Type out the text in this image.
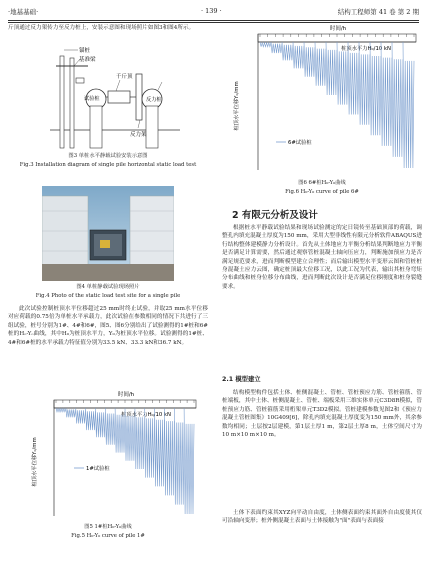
·地基基础·	· 139 ·	结构工程师第 41 卷 第 2 期
斤顶通过反力架传力至反力桩上，安装示意图和现场照片如图3和图4所示。
锚桩
基准梁
试验桩
千斤顶
反力桩
反力架
图3 单桩水平静载试验安装示意图
Fig.3 Installation diagram of single pile horizontal static load test
图4 单桩静载试验现场照片
Fig.4 Photo of the static load test site for a single pile
此次试验控制桩顶水平位移超过25 mm时终止试验，并取25 mm水平位移对应荷载的0.75倍为单桩水平承载力，此次试验在参数相同的情况下共进行了三组试验，桩号分别为1#、4#和6#，图5、图6分别给出了试验测得的1#桩和6#桩的Hₒ-Yₒ曲线，其中H₀为桩顶水平力，Y₀为桩顶水平位移。试验测得的1#桩、4#和6#桩的水平承载力特征值分别为33.5 kN、33.3 kN和36.7 kN。
时间/h
桩顶水平力H₀/10 kN
桩顶水平位移Y₀/mm	1#试验桩
图5 1#桩H₀-Y₀曲线
Fig.5 H₀-Y₀ curve of pile 1#
时间/h
桩顶水平力H₀/10 kN
桩顶水平位移Y₀/mm
6#试验桩
图6 6#桩H₀-Y₀曲线
Fig.6 H₀-Y₀ curve of pile 6#
2 有限元分析及设计
根据桩水平静载试验结果和现场试验测定的定日镜传至基础顶部的荷载，调整孔内填充混凝土厚度为150 mm，采用大型非线性有限元分析软件ABAQUS进行结构整体建模静力分析设计。首先从土体地应力平衡分析结果判断地应力平衡是否满足计算需要，然后通过观察管桩混凝土轴向压应力，判断施加预应力是否满足规范要求，进而判断模型建立合理性；而后输出模型水平变形云图和管桩桩身混凝土应力云图，确定桩顶最大位移工况，以此工况为代表，输出其桩身弯矩分布曲线和桩身位移分布曲线，进而判断此次设计是否满足位移刚度和桩身裂缝要求。
2.1 模型建立
结构模型构件包括土体、桩侧混凝土、管桩、管桩预应力筋、管桩箍筋、管桩端板，其中土体、桩侧混凝土、管桩、端板采用三维实体单元C3D8R模拟，管桩预应力筋、管桩箍筋采用桁架单元T3D2模拟。管桩建模参数见图2和《预应力混凝土管桩图集》10G409[6]，除孔内填充混凝土厚度变为150 mm外，其余参数均相同；土层按2层建模，第1层土厚1 m，第2层土厚8 m，土体空间尺寸为10 m×10 m×10 m。
土体下表面约束其XYZ向平动自由度，土体侧表面约束其面外自由度使其仅可沿轴向变形；桩外侧混凝土表面与土体接触为"面"表面与表面接
